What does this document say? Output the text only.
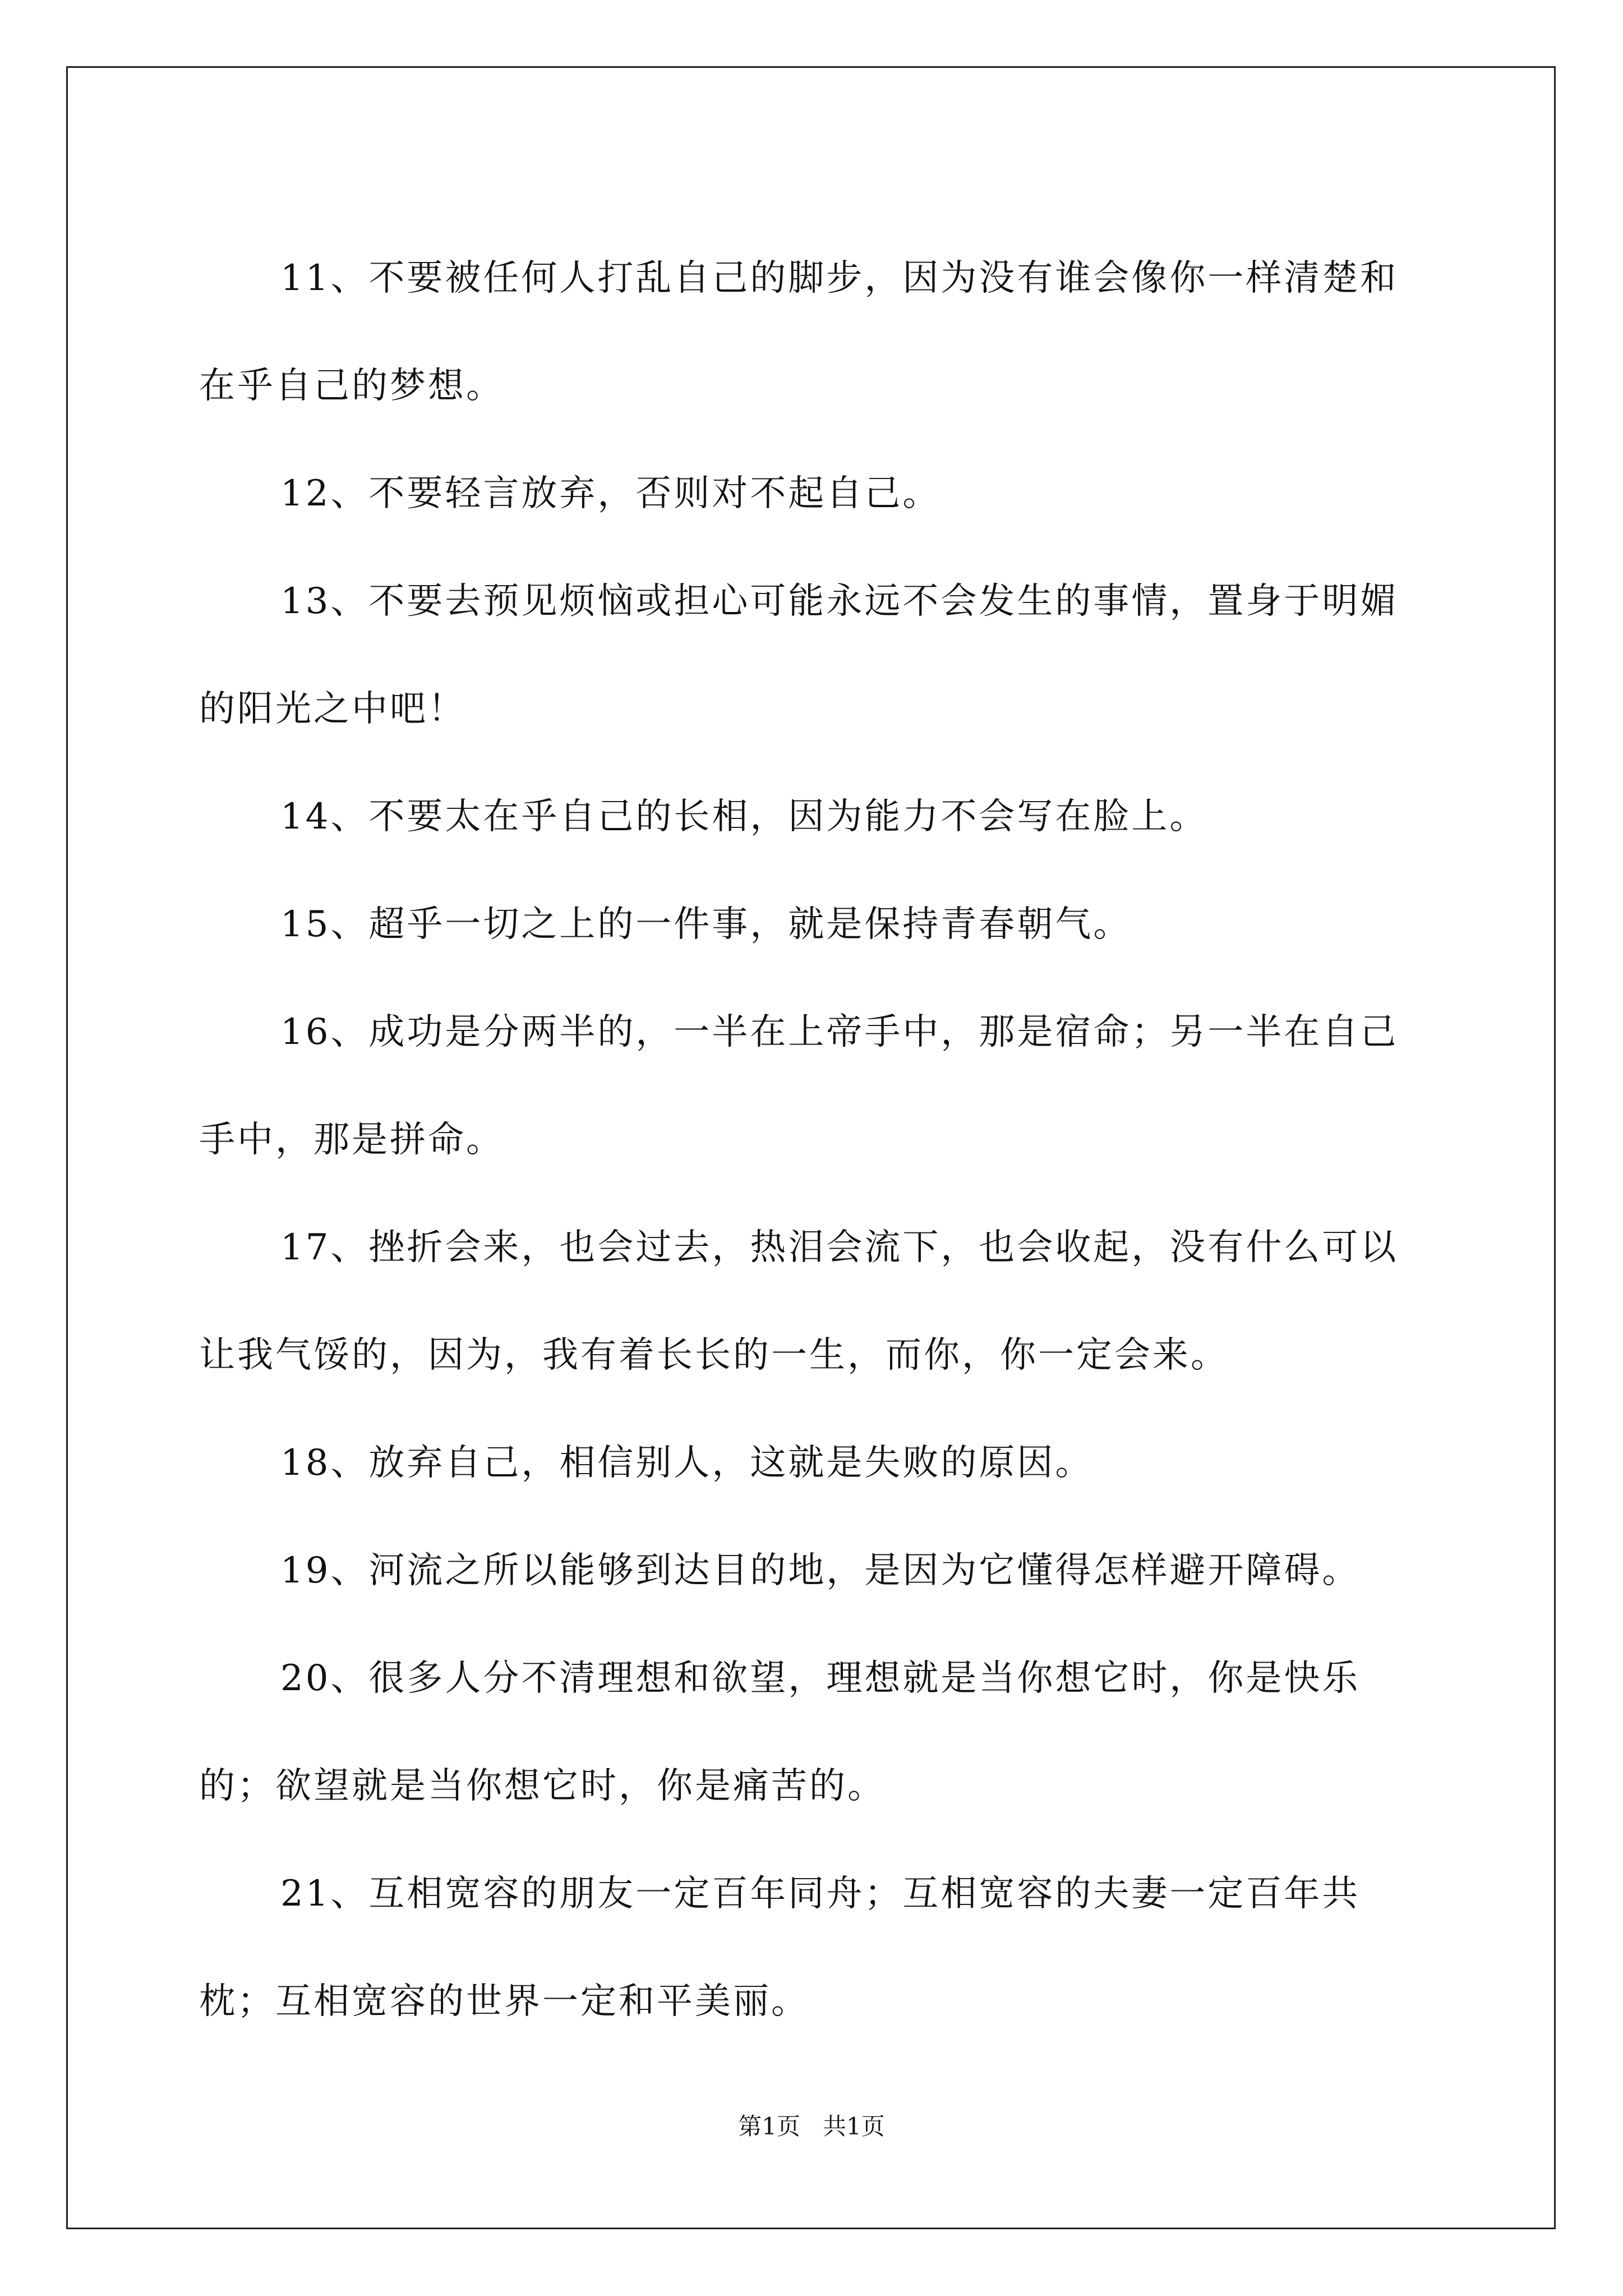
11、不要被任何人打乱自己的脚步，因为没有谁会像你一样清楚和在乎自己的梦想。

12、不要轻言放弃，否则对不起自己。

13、不要去预见烦恼或担心可能永远不会发生的事情，置身于明媚的阳光之中吧！

14、不要太在乎自己的长相，因为能力不会写在脸上。

15、超乎一切之上的一件事，就是保持青春朝气。

16、成功是分两半的，一半在上帝手中，那是宿命；另一半在自己手中，那是拼命。

17、挫折会来，也会过去，热泪会流下，也会收起，没有什么可以让我气馁的，因为，我有着长长的一生，而你，你一定会来。

18、放弃自己，相信别人，这就是失败的原因。

19、河流之所以能够到达目的地，是因为它懂得怎样避开障碍。

20、很多人分不清理想和欲望，理想就是当你想它时，你是快乐的；欲望就是当你想它时，你是痛苦的。

21、互相宽容的朋友一定百年同舟；互相宽容的夫妻一定百年共枕；互相宽容的世界一定和平美丽。

第1页 共1页
